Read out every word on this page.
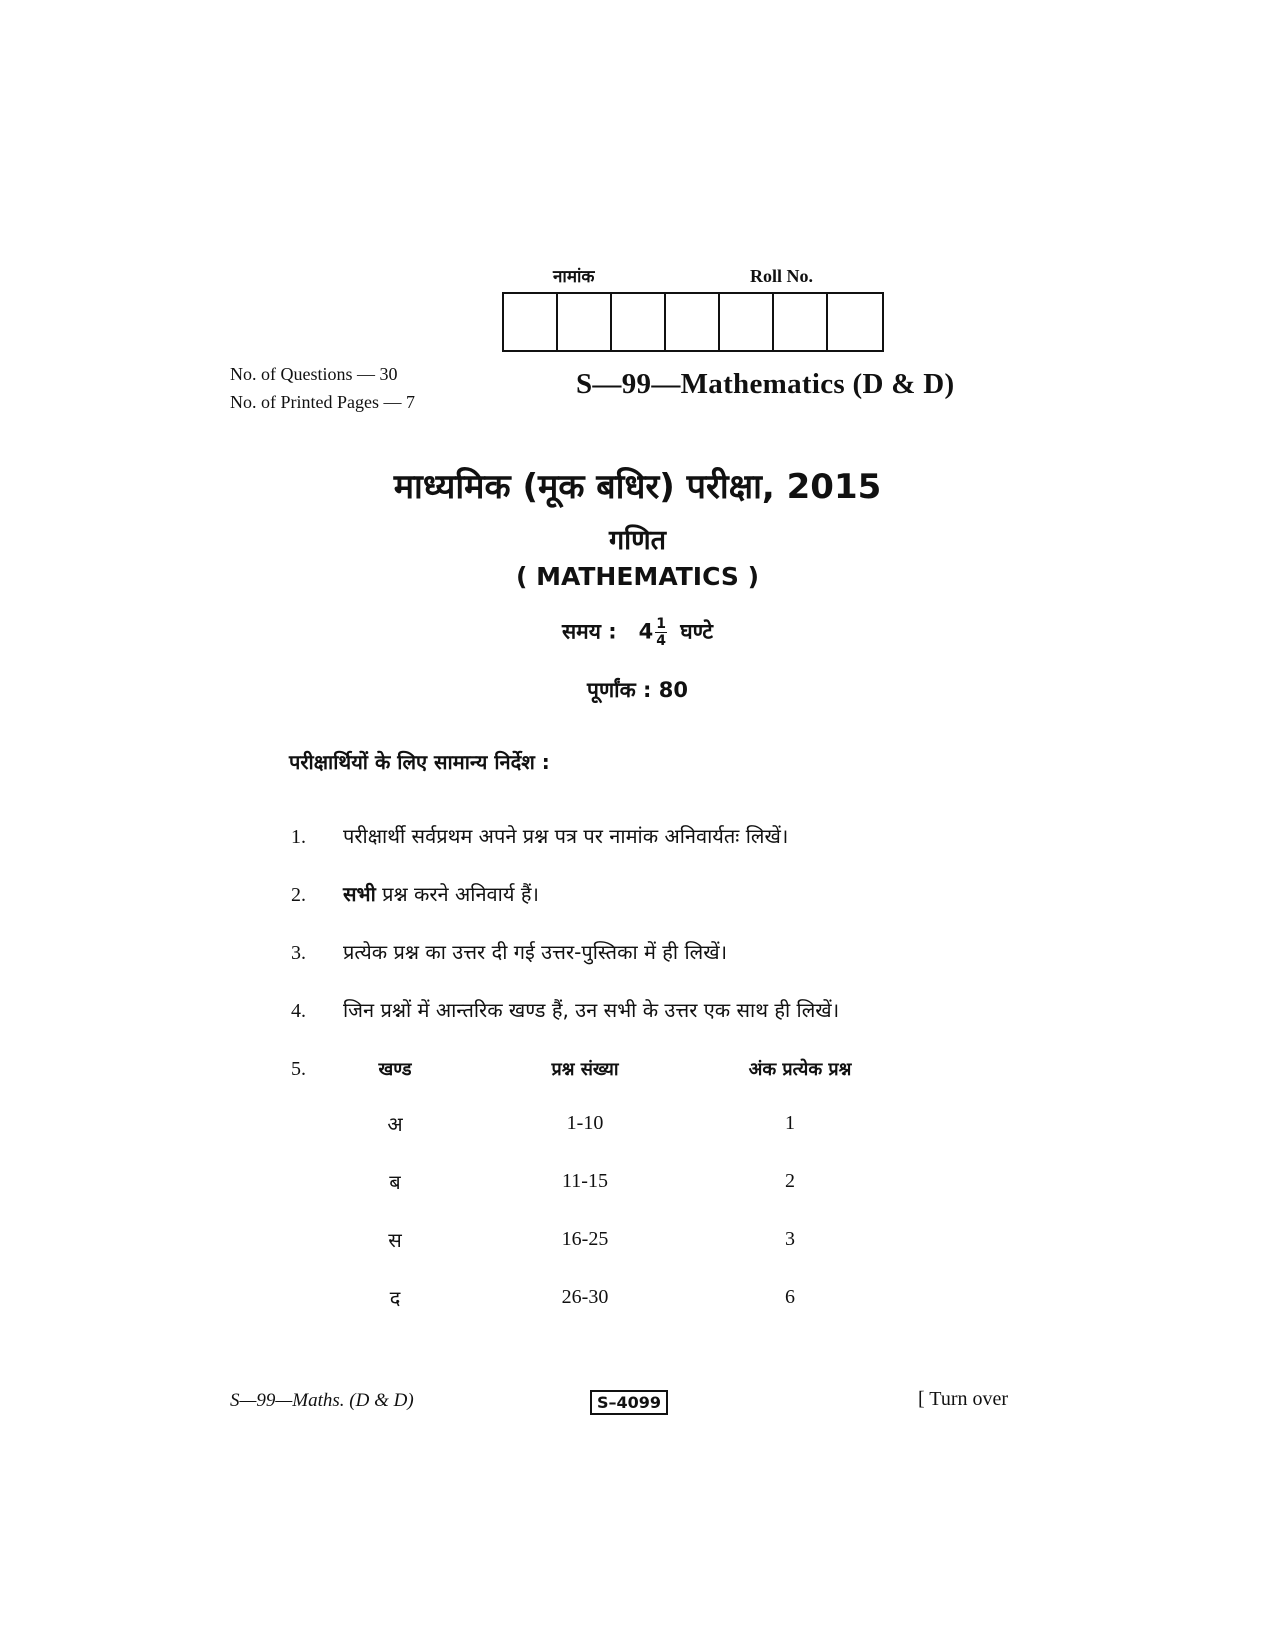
नामांक	Roll No.
No. of Questions — 30
No. of Printed Pages — 7
S—99—Mathematics (D & D)
माध्यमिक (मूक बधिर) परीक्षा, 2015
गणित
( MATHEMATICS )
समय : $4 \frac{1}{4}$ घण्टे
पूर्णांक : 80
परीक्षार्थियों के लिए सामान्य निर्देश :
1. परीक्षार्थी सर्वप्रथम अपने प्रश्न पत्र पर नामांक अनिवार्यतः लिखें।
2. सभी प्रश्न करने अनिवार्य हैं।
3. प्रत्येक प्रश्न का उत्तर दी गई उत्तर-पुस्तिका में ही लिखें।
4. जिन प्रश्नों में आन्तरिक खण्ड हैं, उन सभी के उत्तर एक साथ ही लिखें।
5.	खण्ड	प्रश्न संख्या	अंक प्रत्येक प्रश्न
अ	1-10	1
ब	11-15	2
स	16-25	3
द	26-30	6
S—99—Maths. (D & D)	S–4099	[ Turn over
